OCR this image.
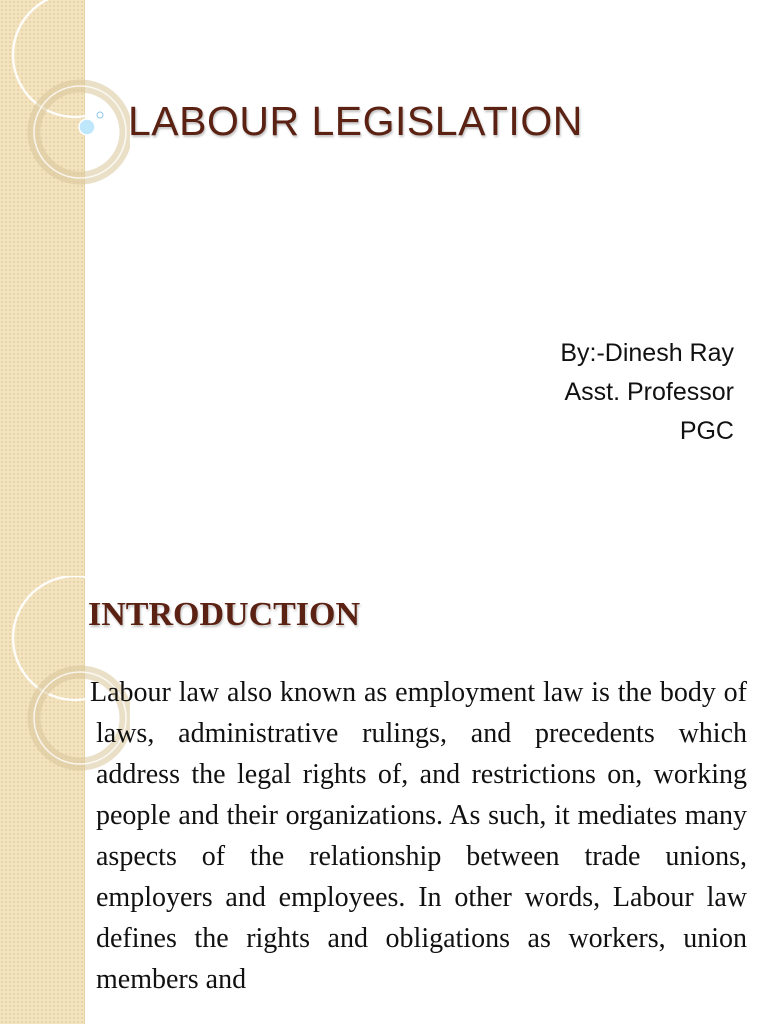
LABOUR LEGISLATION
By:-Dinesh Ray
Asst. Professor
PGC
INTRODUCTION

Labour law also known as employment law is the body of laws, administrative rulings, and precedents which address the legal rights of, and restrictions on, working people and their organizations. As such, it mediates many aspects of the relationship between trade unions, employers and employees. In other words, Labour law defines the rights and obligations as workers, union members and
